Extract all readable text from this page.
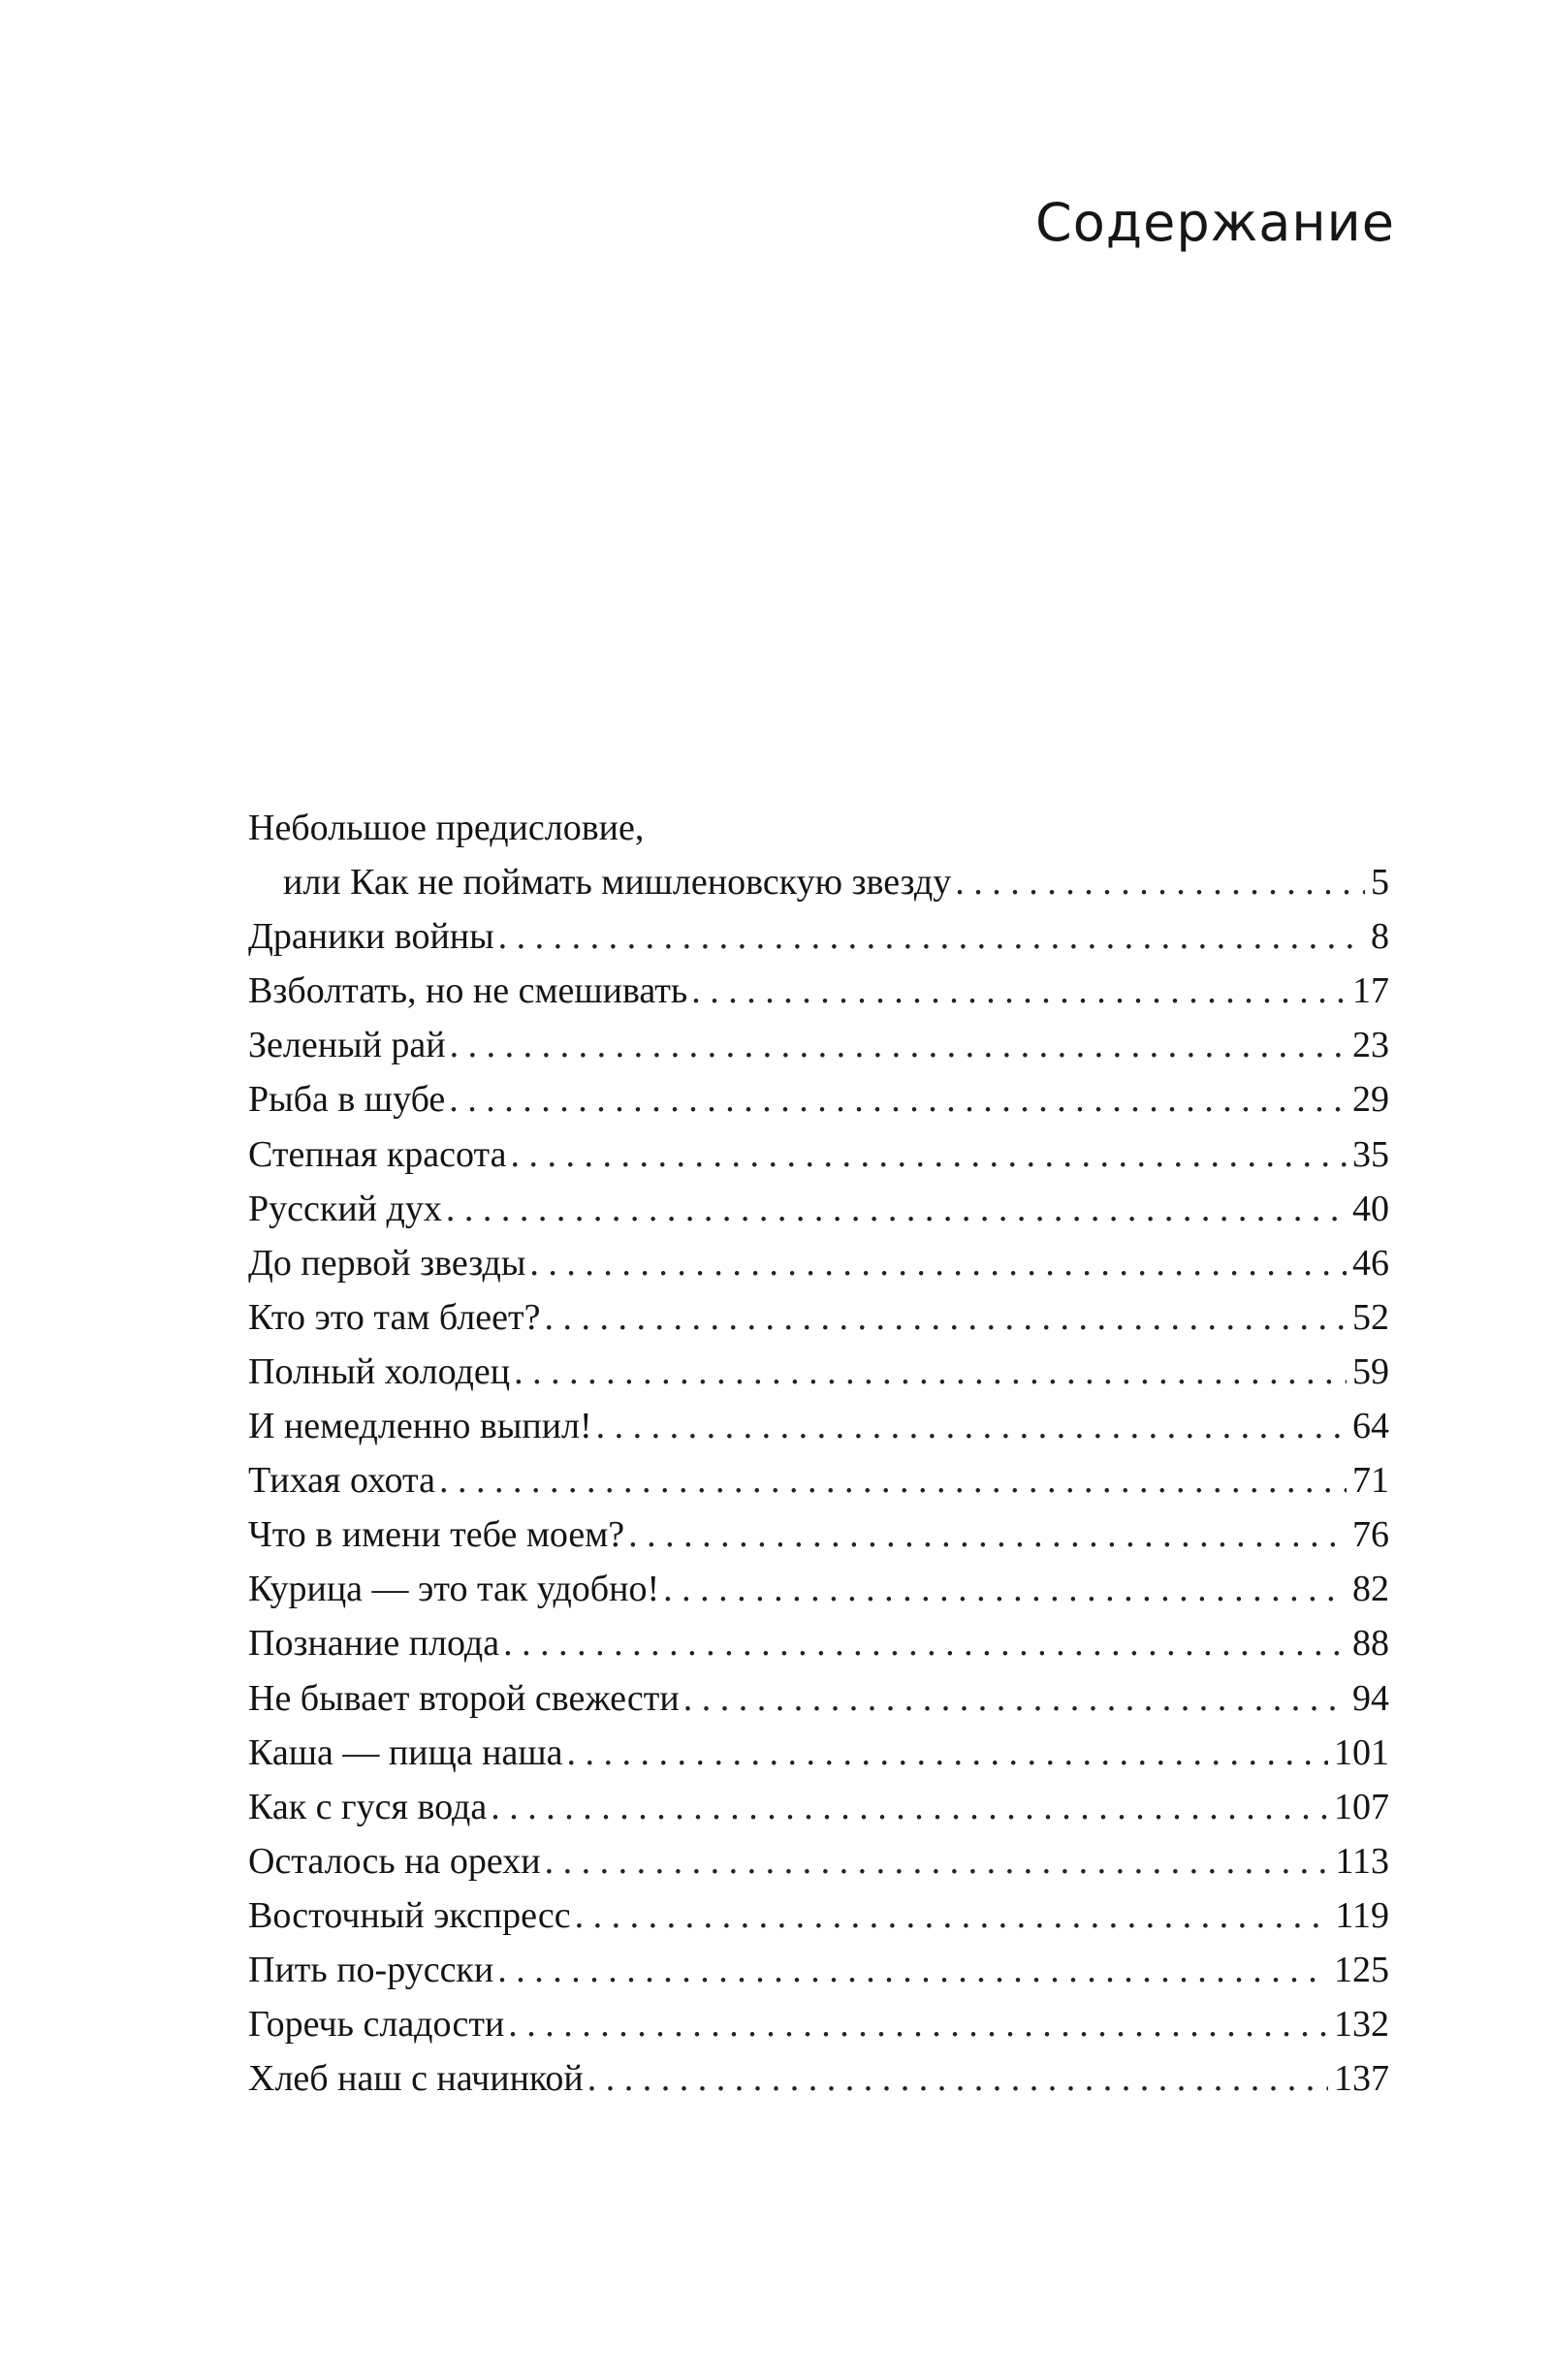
Содержание
Небольшое предисловие,
или Как не поймать мишленовскую звезду . . .	5
Драники войны . . .	8
Взболтать, но не смешивать . . .	17
Зеленый рай . . .	23
Рыба в шубе . . .	29
Степная красота . . .	35
Русский дух . . .	40
До первой звезды . . .	46
Кто это там блеет? . . .	52
Полный холодец . . .	59
И немедленно выпил! . . .	64
Тихая охота . . .	71
Что в имени тебе моем? . . .	76
Курица — это так удобно! . . .	82
Познание плода . . .	88
Не бывает второй свежести . . .	94
Каша — пища наша . . .	101
Как с гуся вода . . .	107
Осталось на орехи . . .	113
Восточный экспресс . . .	119
Пить по-русски . . .	125
Горечь сладости . . .	132
Хлеб наш с начинкой . . .	137
